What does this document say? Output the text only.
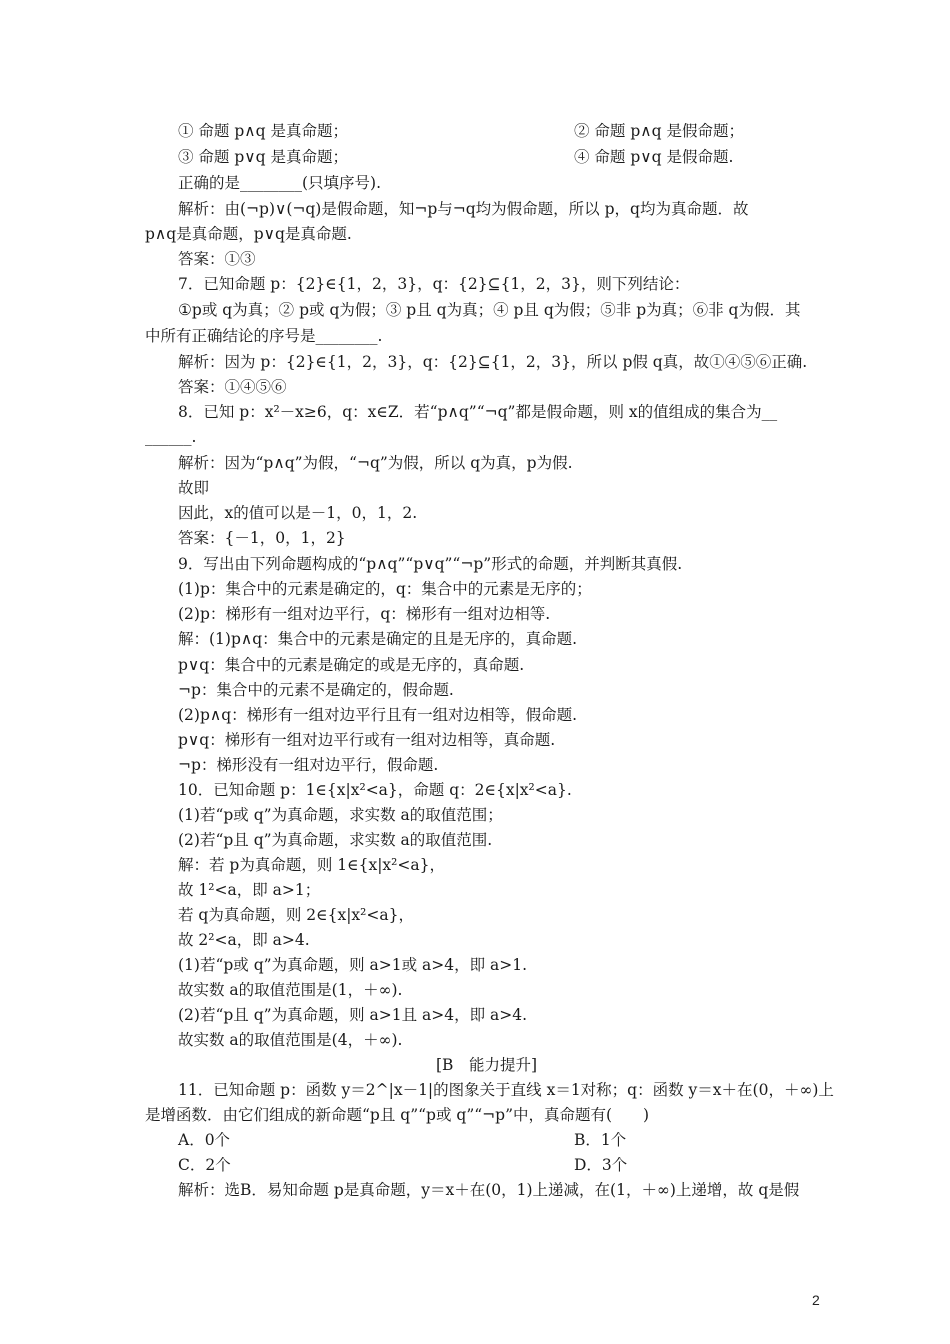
① 命题 p∧q 是真命题；	② 命题 p∧q 是假命题；
③ 命题 p∨q 是真命题；	④ 命题 p∨q 是假命题.
正确的是________(只填序号).
解析：由(¬p)∨(¬q)是假命题，知¬p与¬q均为假命题，所以 p，q均为真命题．故
p∧q是真命题，p∨q是真命题.
答案：①③
7．已知命题 p：{2}∈{1，2，3}，q：{2}⊆{1，2，3}，则下列结论：
①p或 q为真；② p或 q为假；③ p且 q为真；④ p且 q为假；⑤非 p为真；⑥非 q为假．其
中所有正确结论的序号是________.
解析：因为 p：{2}∈{1，2，3}，q：{2}⊆{1，2，3}，所以 p假 q真，故①④⑤⑥正确.
答案：①④⑤⑥
8．已知 p：x²－x≥6，q：x∈Z．若“p∧q”“¬q”都是假命题，则 x的值组成的集合为__
______.
解析：因为“p∧q”为假，“¬q”为假，所以 q为真，p为假.
故即
因此，x的值可以是－1，0，1，2.
答案：{－1，0，1，2}
9．写出由下列命题构成的“p∧q”“p∨q”“¬p”形式的命题，并判断其真假.
(1)p：集合中的元素是确定的，q：集合中的元素是无序的；
(2)p：梯形有一组对边平行，q：梯形有一组对边相等.
解：(1)p∧q：集合中的元素是确定的且是无序的，真命题.
p∨q：集合中的元素是确定的或是无序的，真命题.
¬p：集合中的元素不是确定的，假命题.
(2)p∧q：梯形有一组对边平行且有一组对边相等，假命题.
p∨q：梯形有一组对边平行或有一组对边相等，真命题.
¬p：梯形没有一组对边平行，假命题.
10．已知命题 p：1∈{x|x²<a}，命题 q：2∈{x|x²<a}.
(1)若“p或 q”为真命题，求实数 a的取值范围；
(2)若“p且 q”为真命题，求实数 a的取值范围.
解：若 p为真命题，则 1∈{x|x²<a}，
故 1²<a，即 a>1；
若 q为真命题，则 2∈{x|x²<a}，
故 2²<a，即 a>4.
(1)若“p或 q”为真命题，则 a>1或 a>4，即 a>1.
故实数 a的取值范围是(1，＋∞).
(2)若“p且 q”为真命题，则 a>1且 a>4，即 a>4.
故实数 a的取值范围是(4，＋∞).
[B　能力提升]
11．已知命题 p：函数 y＝2^|x－1|的图象关于直线 x＝1对称；q：函数 y＝x＋在(0，＋∞)上
是增函数．由它们组成的新命题“p且 q”“p或 q”“¬p”中，真命题有(　　)
A．0个	B．1个
C．2个	D．3个
解析：选B．易知命题 p是真命题，y＝x＋在(0，1)上递减，在(1，＋∞)上递增，故 q是假
2
